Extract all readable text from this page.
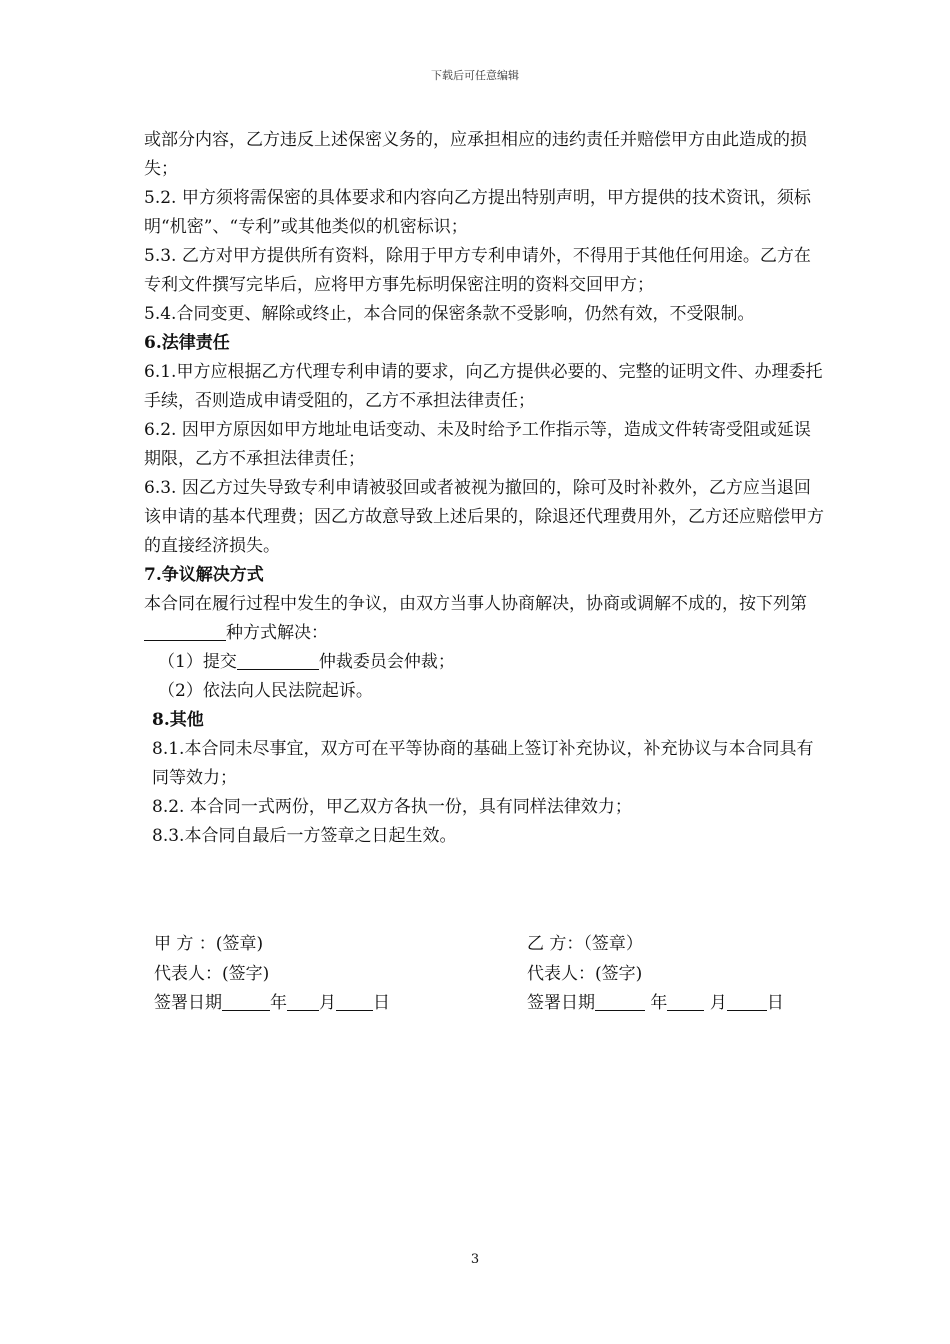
下载后可任意编辑

或部分内容，乙方违反上述保密义务的，应承担相应的违约责任并赔偿甲方由此造成的损失；

5.2. 甲方须将需保密的具体要求和内容向乙方提出特别声明，甲方提供的技术资讯，须标明“机密”、“专利”或其他类似的机密标识；

5.3. 乙方对甲方提供所有资料，除用于甲方专利申请外，不得用于其他任何用途。乙方在专利文件撰写完毕后，应将甲方事先标明保密注明的资料交回甲方；

5.4.合同变更、解除或终止，本合同的保密条款不受影响，仍然有效，不受限制。

6.法律责任

6.1.甲方应根据乙方代理专利申请的要求，向乙方提供必要的、完整的证明文件、办理委托手续，否则造成申请受阻的，乙方不承担法律责任；

6.2. 因甲方原因如甲方地址电话变动、未及时给予工作指示等，造成文件转寄受阻或延误期限，乙方不承担法律责任；

6.3. 因乙方过失导致专利申请被驳回或者被视为撤回的，除可及时补救外，乙方应当退回该申请的基本代理费；因乙方故意导致上述后果的，除退还代理费用外，乙方还应赔偿甲方的直接经济损失。

7.争议解决方式

本合同在履行过程中发生的争议，由双方当事人协商解决，协商或调解不成的，按下列第种方式解决：

（1）提交	仲裁委员会仲裁；

（2）依法向人民法院起诉。

8.其他

8.1.本合同未尽事宜，双方可在平等协商的基础上签订补充协议，补充协议与本合同具有同等效力；

8.2. 本合同一式两份，甲乙双方各执一份，具有同样法律效力；

8.3.本合同自最后一方签章之日起生效。

甲 方 ：(签章)

代表人：(签字)

签署日期	年 月 日

乙 方：（签章）

代表人：(签字)

签署日期	年 月 日

3
